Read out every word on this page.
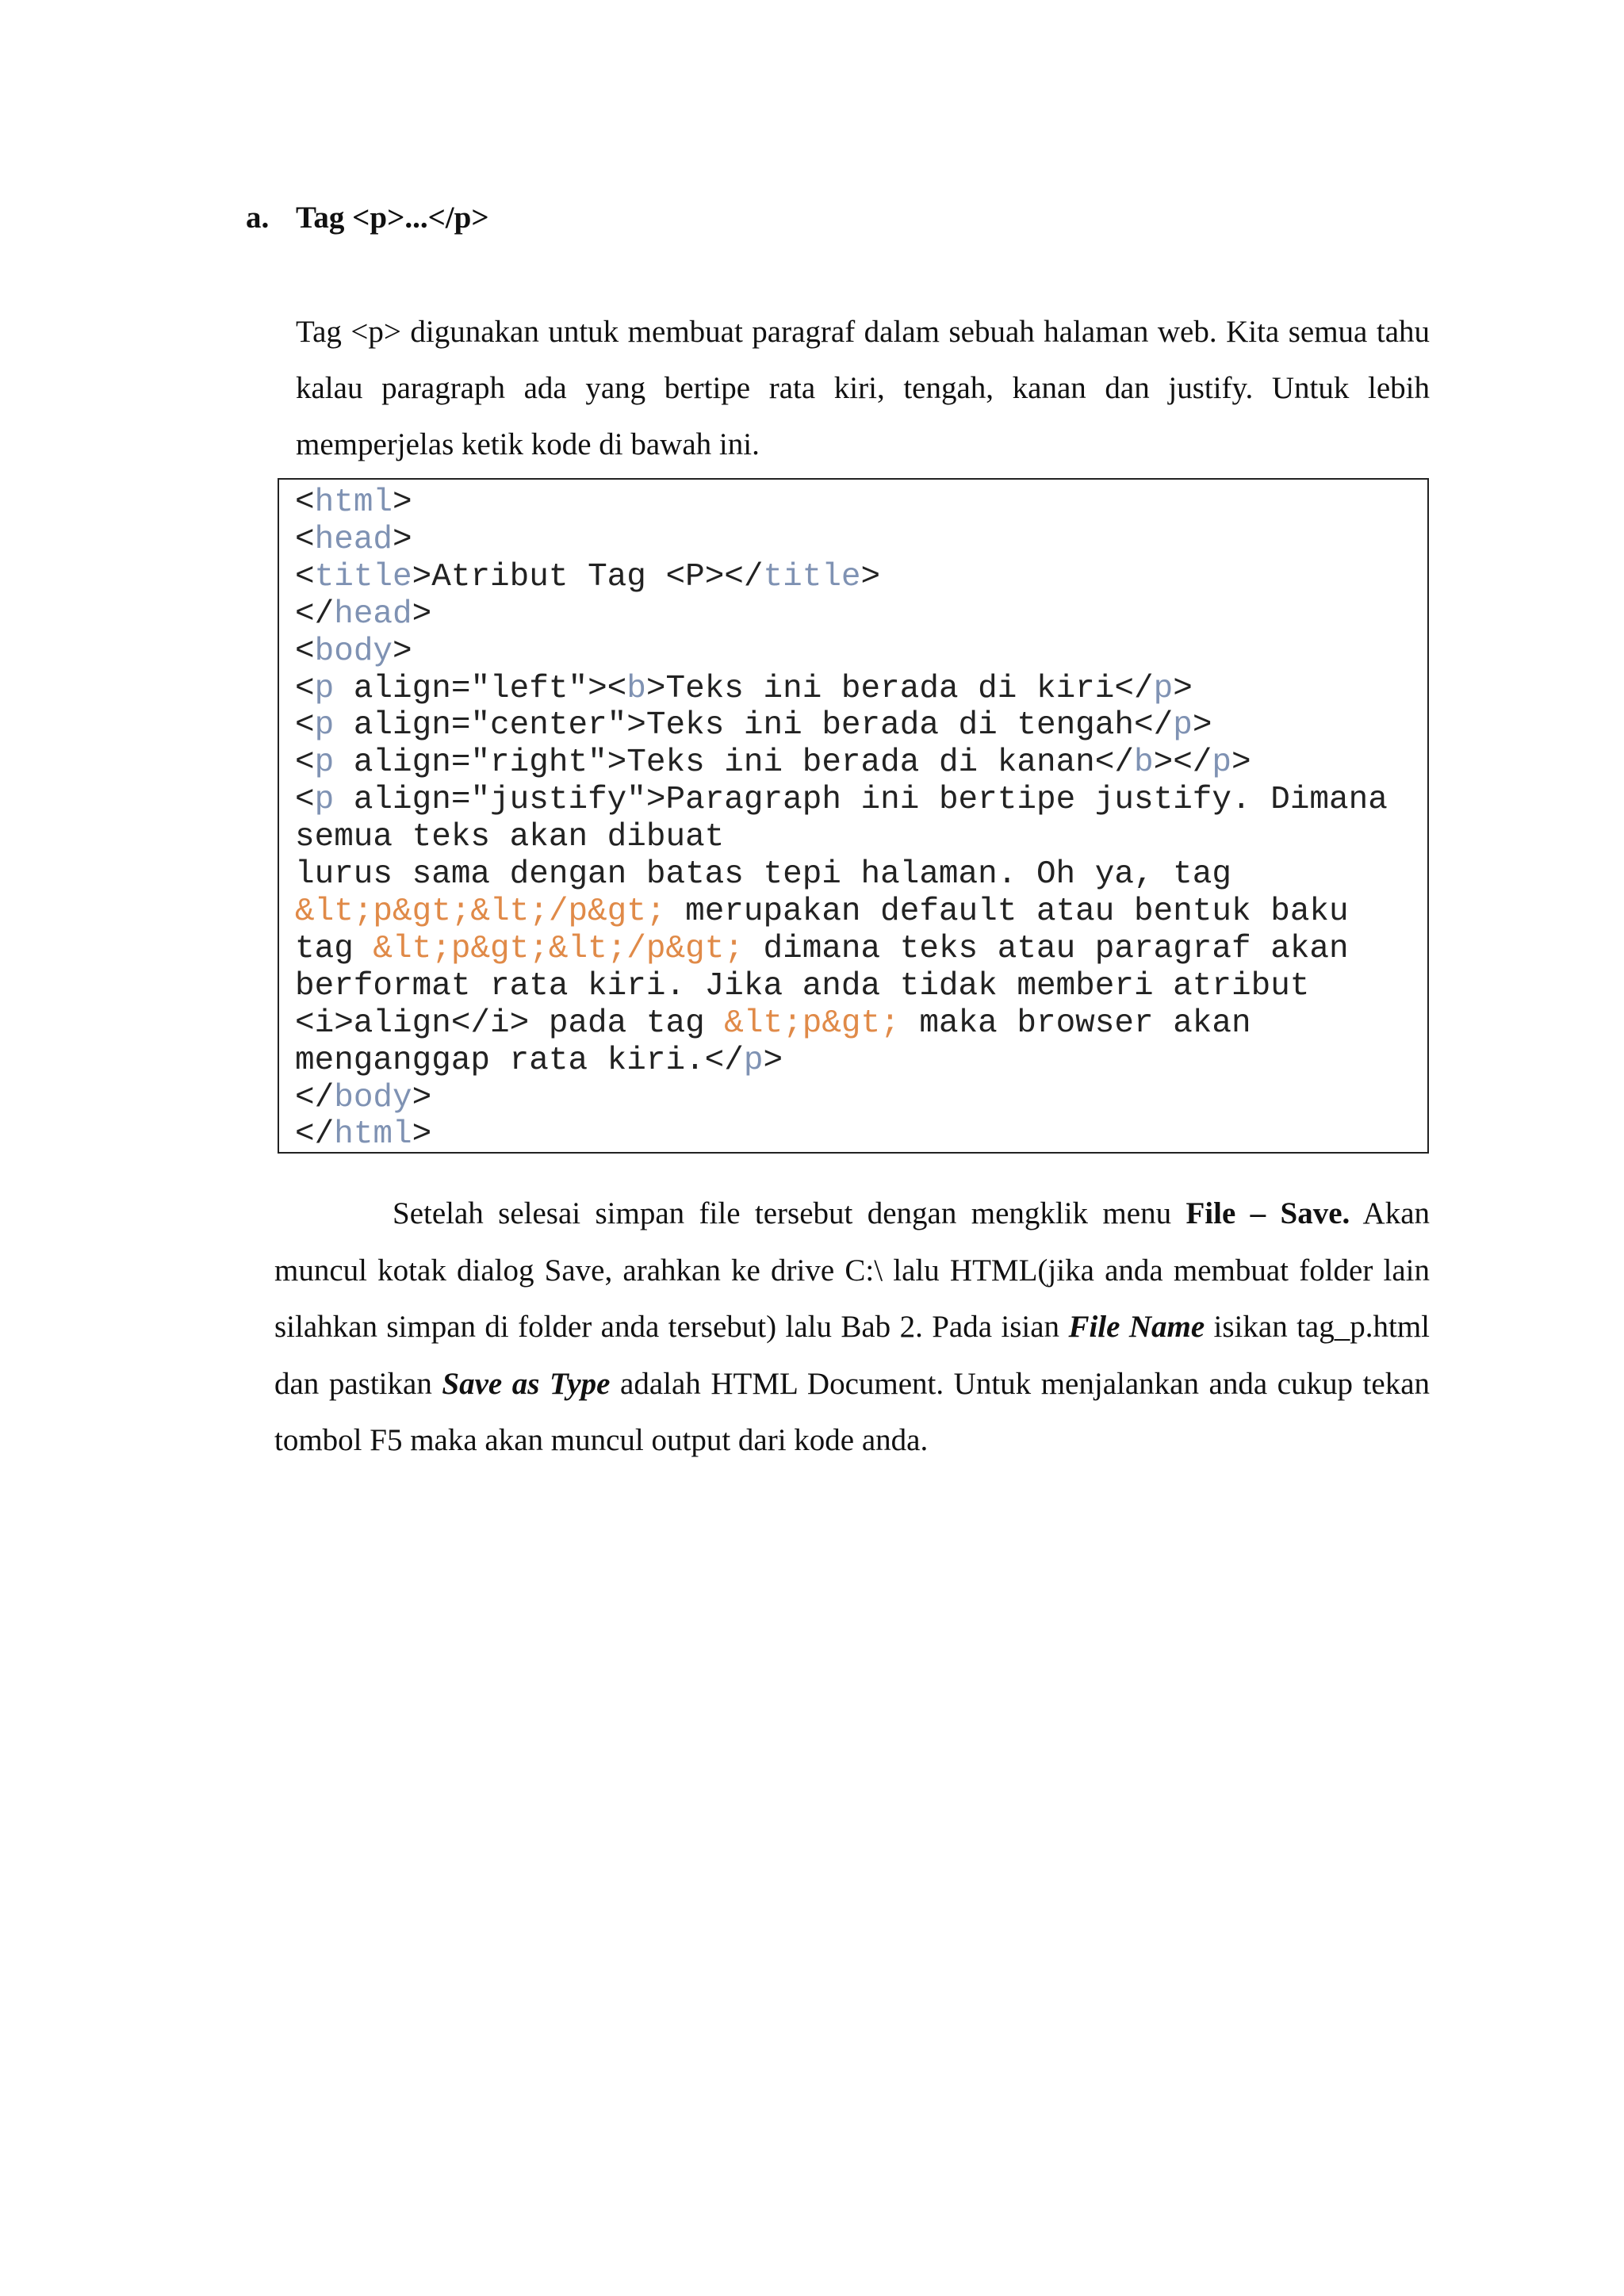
a. Tag <p>...</p>
Tag <p> digunakan untuk membuat paragraf dalam sebuah halaman web. Kita semua tahu kalau paragraph ada yang bertipe rata kiri, tengah, kanan dan justify. Untuk lebih memperjelas ketik kode di bawah ini.
<html>
<head>
<title>Atribut Tag <P></title>
</head>
<body>
<p align="left"><b>Teks ini berada di kiri</p>
<p align="center">Teks ini berada di tengah</p>
<p align="right">Teks ini berada di kanan</b></p>
<p align="justify">Paragraph ini bertipe justify. Dimana
semua teks akan dibuat
lurus sama dengan batas tepi halaman. Oh ya, tag
&lt;p&gt;&lt;/p&gt; merupakan default atau bentuk baku
tag &lt;p&gt;&lt;/p&gt; dimana teks atau paragraf akan
berformat rata kiri. Jika anda tidak memberi atribut
<i>align</i> pada tag &lt;p&gt; maka browser akan
menganggap rata kiri.</p>
</body>
</html>
Setelah selesai simpan file tersebut dengan mengklik menu File – Save. Akan muncul kotak dialog Save, arahkan ke drive C:\ lalu HTML(jika anda membuat folder lain silahkan simpan di folder anda tersebut) lalu Bab 2. Pada isian File Name isikan tag_p.html dan pastikan Save as Type adalah HTML Document. Untuk menjalankan anda cukup tekan tombol F5 maka akan muncul output dari kode anda.
